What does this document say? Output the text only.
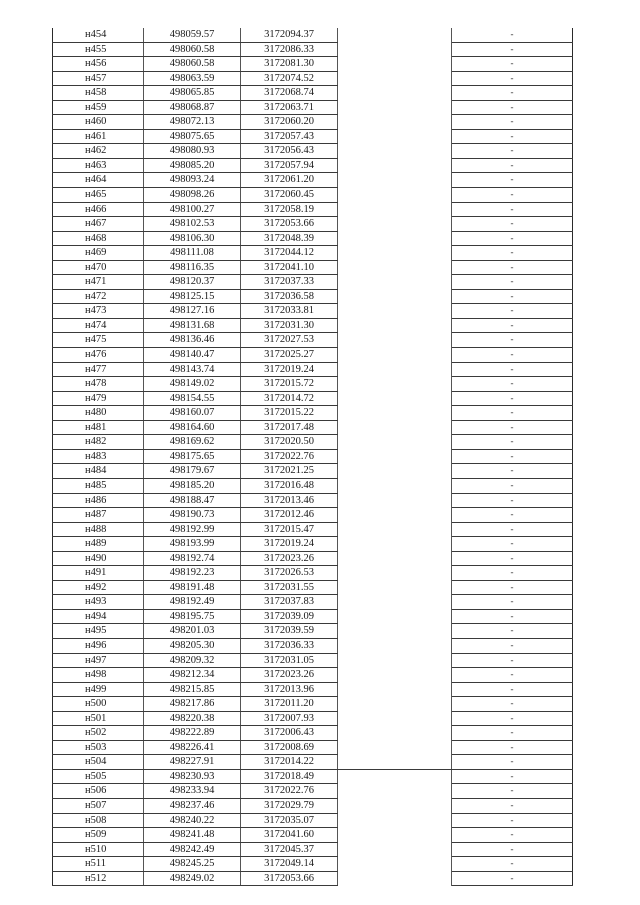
н454	498059.57	3172094.37			-
н455	498060.58	3172086.33			-
н456	498060.58	3172081.30			-
н457	498063.59	3172074.52			-
н458	498065.85	3172068.74			-
н459	498068.87	3172063.71			-
н460	498072.13	3172060.20			-
н461	498075.65	3172057.43			-
н462	498080.93	3172056.43			-
н463	498085.20	3172057.94			-
н464	498093.24	3172061.20			-
н465	498098.26	3172060.45			-
н466	498100.27	3172058.19			-
н467	498102.53	3172053.66			-
н468	498106.30	3172048.39			-
н469	498111.08	3172044.12			-
н470	498116.35	3172041.10			-
н471	498120.37	3172037.33			-
н472	498125.15	3172036.58			-
н473	498127.16	3172033.81			-
н474	498131.68	3172031.30			-
н475	498136.46	3172027.53			-
н476	498140.47	3172025.27			-
н477	498143.74	3172019.24			-
н478	498149.02	3172015.72			-
н479	498154.55	3172014.72			-
н480	498160.07	3172015.22			-
н481	498164.60	3172017.48			-
н482	498169.62	3172020.50			-
н483	498175.65	3172022.76			-
н484	498179.67	3172021.25			-
н485	498185.20	3172016.48			-
н486	498188.47	3172013.46			-
н487	498190.73	3172012.46			-
н488	498192.99	3172015.47			-
н489	498193.99	3172019.24			-
н490	498192.74	3172023.26			-
н491	498192.23	3172026.53			-
н492	498191.48	3172031.55			-
н493	498192.49	3172037.83			-
н494	498195.75	3172039.09			-
н495	498201.03	3172039.59			-
н496	498205.30	3172036.33			-
н497	498209.32	3172031.05			-
н498	498212.34	3172023.26			-
н499	498215.85	3172013.96			-
н500	498217.86	3172011.20			-
н501	498220.38	3172007.93			-
н502	498222.89	3172006.43			-
н503	498226.41	3172008.69			-
н504	498227.91	3172014.22			-
н505	498230.93	3172018.49			-
н506	498233.94	3172022.76			-
н507	498237.46	3172029.79			-
н508	498240.22	3172035.07			-
н509	498241.48	3172041.60			-
н510	498242.49	3172045.37			-
н511	498245.25	3172049.14			-
н512	498249.02	3172053.66			-
